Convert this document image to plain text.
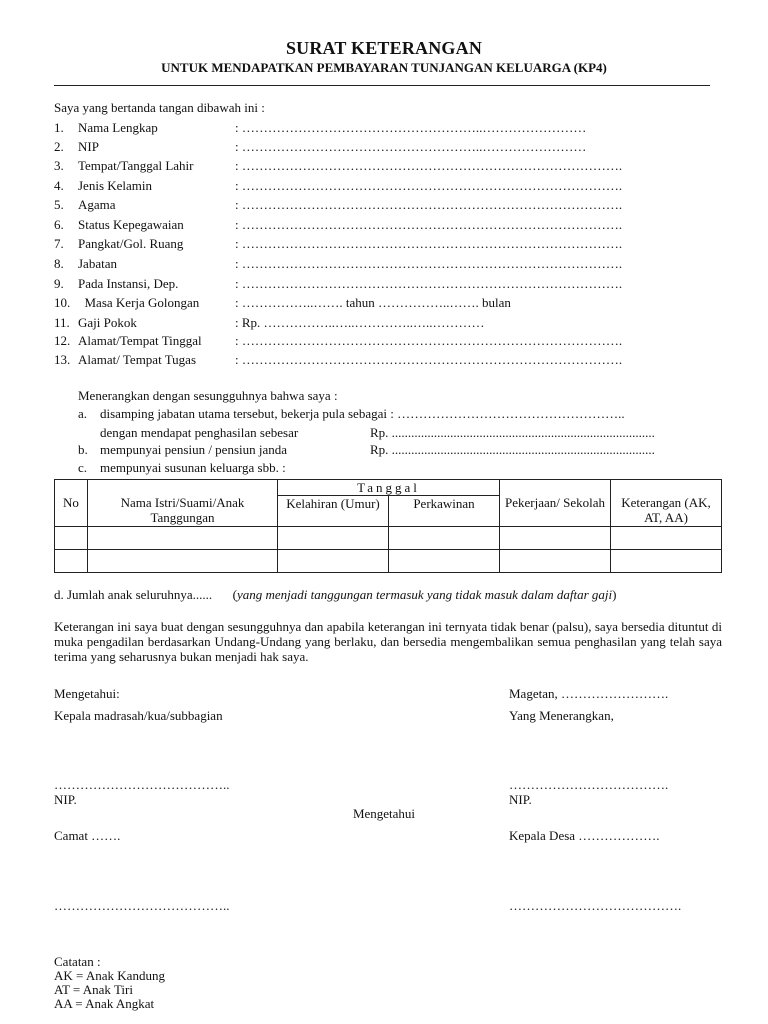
SURAT KETERANGAN
UNTUK MENDAPATKAN PEMBAYARAN TUNJANGAN KELUARGA (KP4)
Saya yang bertanda tangan dibawah ini :
1.	Nama Lengkap	: ………………………………………………..……………………
2.	NIP	: ………………………………………………..……………………
3.	Tempat/Tanggal Lahir	: …………………………………………………………………………….
4.	Jenis Kelamin	: …………………………………………………………………………….
5.	Agama	: …………………………………………………………………………….
6.	Status Kepegawaian	: …………………………………………………………………………….
7.	Pangkat/Gol. Ruang	: …………………………………………………………………………….
8.	Jabatan	: …………………………………………………………………………….
9.	Pada Instansi, Dep.	: …………………………………………………………………………….
10. Masa Kerja Golongan	: ……………..……. tahun ……………..……. bulan
11. Gaji Pokok	: Rp. ……………..…..…………..…..…………
12. Alamat/Tempat Tinggal	: …………………………………………………………………………….
13. Alamat/ Tempat Tugas	: …………………………………………………………………………….
Menerangkan dengan sesungguhnya bahwa saya :
a. disamping jabatan utama tersebut, bekerja pula sebagai : ……………………………………………..
dengan mendapat penghasilan sebesar	Rp. .................................................................................
b. mempunyai pensiun / pensiun janda	Rp. .................................................................................
c. mempunyai susunan keluarga sbb. :
No	Nama Istri/Suami/Anak Tanggungan	Tanggal		Pekerjaan/ Sekolah	Keterangan (AK, AT, AA)
		Kelahiran (Umur)	Perkawinan		

d. Jumlah anak seluruhnya...... (yang menjadi tanggungan termasuk yang tidak masuk dalam daftar gaji)
Keterangan ini saya buat dengan sesungguhnya dan apabila keterangan ini ternyata tidak benar (palsu), saya bersedia dituntut di muka pengadilan berdasarkan Undang-Undang yang berlaku, dan bersedia mengembalikan semua penghasilan yang telah saya terima yang seharusnya bukan menjadi hak saya.
Mengetahui:	Magetan, …………………….
Kepala madrasah/kua/subbagian	Yang Menerangkan,
…………………………………..	……………………………….
NIP.	NIP.
Mengetahui
Camat …….	Kepala Desa ……………….
…………………………………..	………………………………….
Catatan :
AK = Anak Kandung
AT = Anak Tiri
AA = Anak Angkat
